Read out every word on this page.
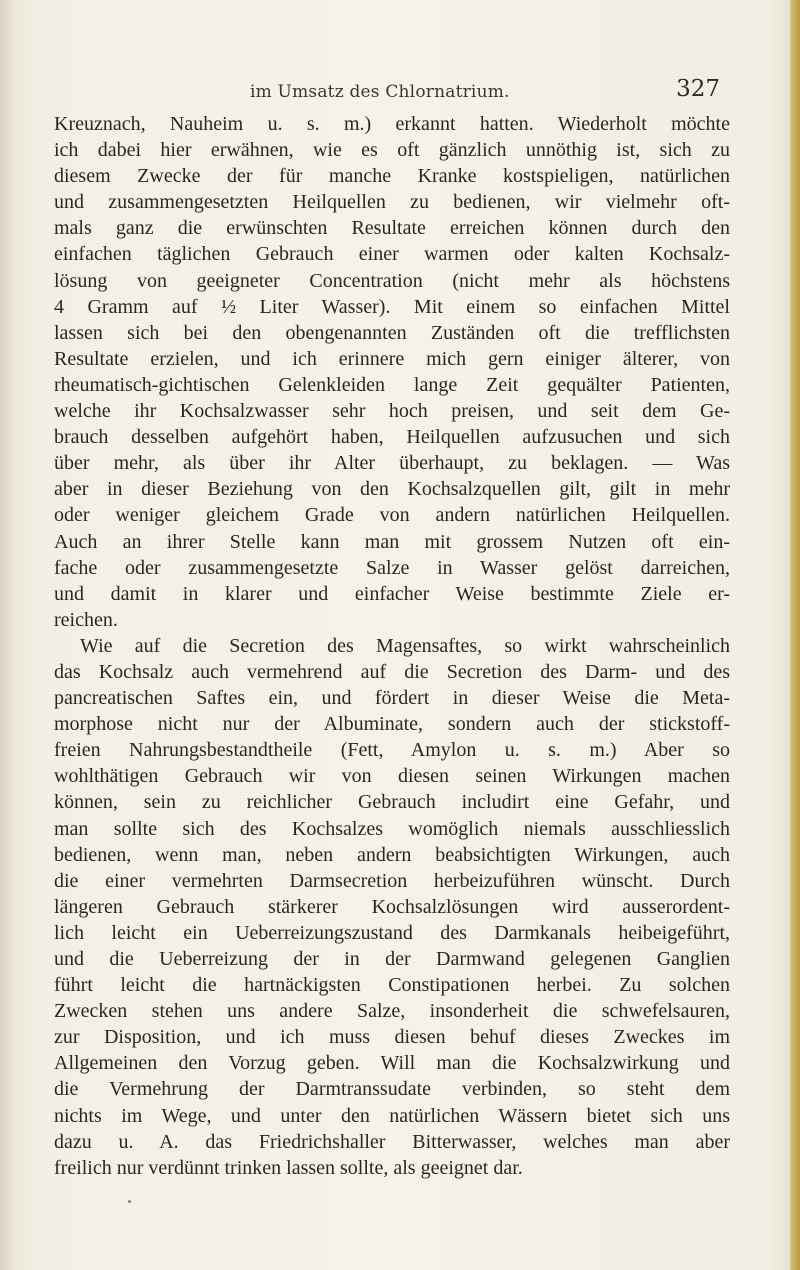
im Umsatz des Chlornatrium.	327
Kreuznach, Nauheim u. s. m.) erkannt hatten. Wiederholt möchte
ich dabei hier erwähnen, wie es oft gänzlich unnöthig ist, sich zu
diesem Zwecke der für manche Kranke kostspieligen, natürlichen
und zusammengesetzten Heilquellen zu bedienen, wir vielmehr oft-
mals ganz die erwünschten Resultate erreichen können durch den
einfachen täglichen Gebrauch einer warmen oder kalten Kochsalz-
lösung von geeigneter Concentration (nicht mehr als höchstens
4 Gramm auf ½ Liter Wasser). Mit einem so einfachen Mittel
lassen sich bei den obengenannten Zuständen oft die trefflichsten
Resultate erzielen, und ich erinnere mich gern einiger älterer, von
rheumatisch-gichtischen Gelenkleiden lange Zeit gequälter Patienten,
welche ihr Kochsalzwasser sehr hoch preisen, und seit dem Ge-
brauch desselben aufgehört haben, Heilquellen aufzusuchen und sich
über mehr, als über ihr Alter überhaupt, zu beklagen. — Was
aber in dieser Beziehung von den Kochsalzquellen gilt, gilt in mehr
oder weniger gleichem Grade von andern natürlichen Heilquellen.
Auch an ihrer Stelle kann man mit grossem Nutzen oft ein-
fache oder zusammengesetzte Salze in Wasser gelöst darreichen,
und damit in klarer und einfacher Weise bestimmte Ziele er-
reichen.
Wie auf die Secretion des Magensaftes, so wirkt wahrscheinlich
das Kochsalz auch vermehrend auf die Secretion des Darm- und des
pancreatischen Saftes ein, und fördert in dieser Weise die Meta-
morphose nicht nur der Albuminate, sondern auch der stickstoff-
freien Nahrungsbestandtheile (Fett, Amylon u. s. m.) Aber so
wohlthätigen Gebrauch wir von diesen seinen Wirkungen machen
können, sein zu reichlicher Gebrauch includirt eine Gefahr, und
man sollte sich des Kochsalzes womöglich niemals ausschliesslich
bedienen, wenn man, neben andern beabsichtigten Wirkungen, auch
die einer vermehrten Darmsecretion herbeizuführen wünscht. Durch
längeren Gebrauch stärkerer Kochsalzlösungen wird ausserordent-
lich leicht ein Ueberreizungszustand des Darmkanals heibeigeführt,
und die Ueberreizung der in der Darmwand gelegenen Ganglien
führt leicht die hartnäckigsten Constipationen herbei. Zu solchen
Zwecken stehen uns andere Salze, insonderheit die schwefelsauren,
zur Disposition, und ich muss diesen behuf dieses Zweckes im
Allgemeinen den Vorzug geben. Will man die Kochsalzwirkung und
die Vermehrung der Darmtranssudate verbinden, so steht dem
nichts im Wege, und unter den natürlichen Wässern bietet sich uns
dazu u. A. das Friedrichshaller Bitterwasser, welches man aber
freilich nur verdünnt trinken lassen sollte, als geeignet dar.
